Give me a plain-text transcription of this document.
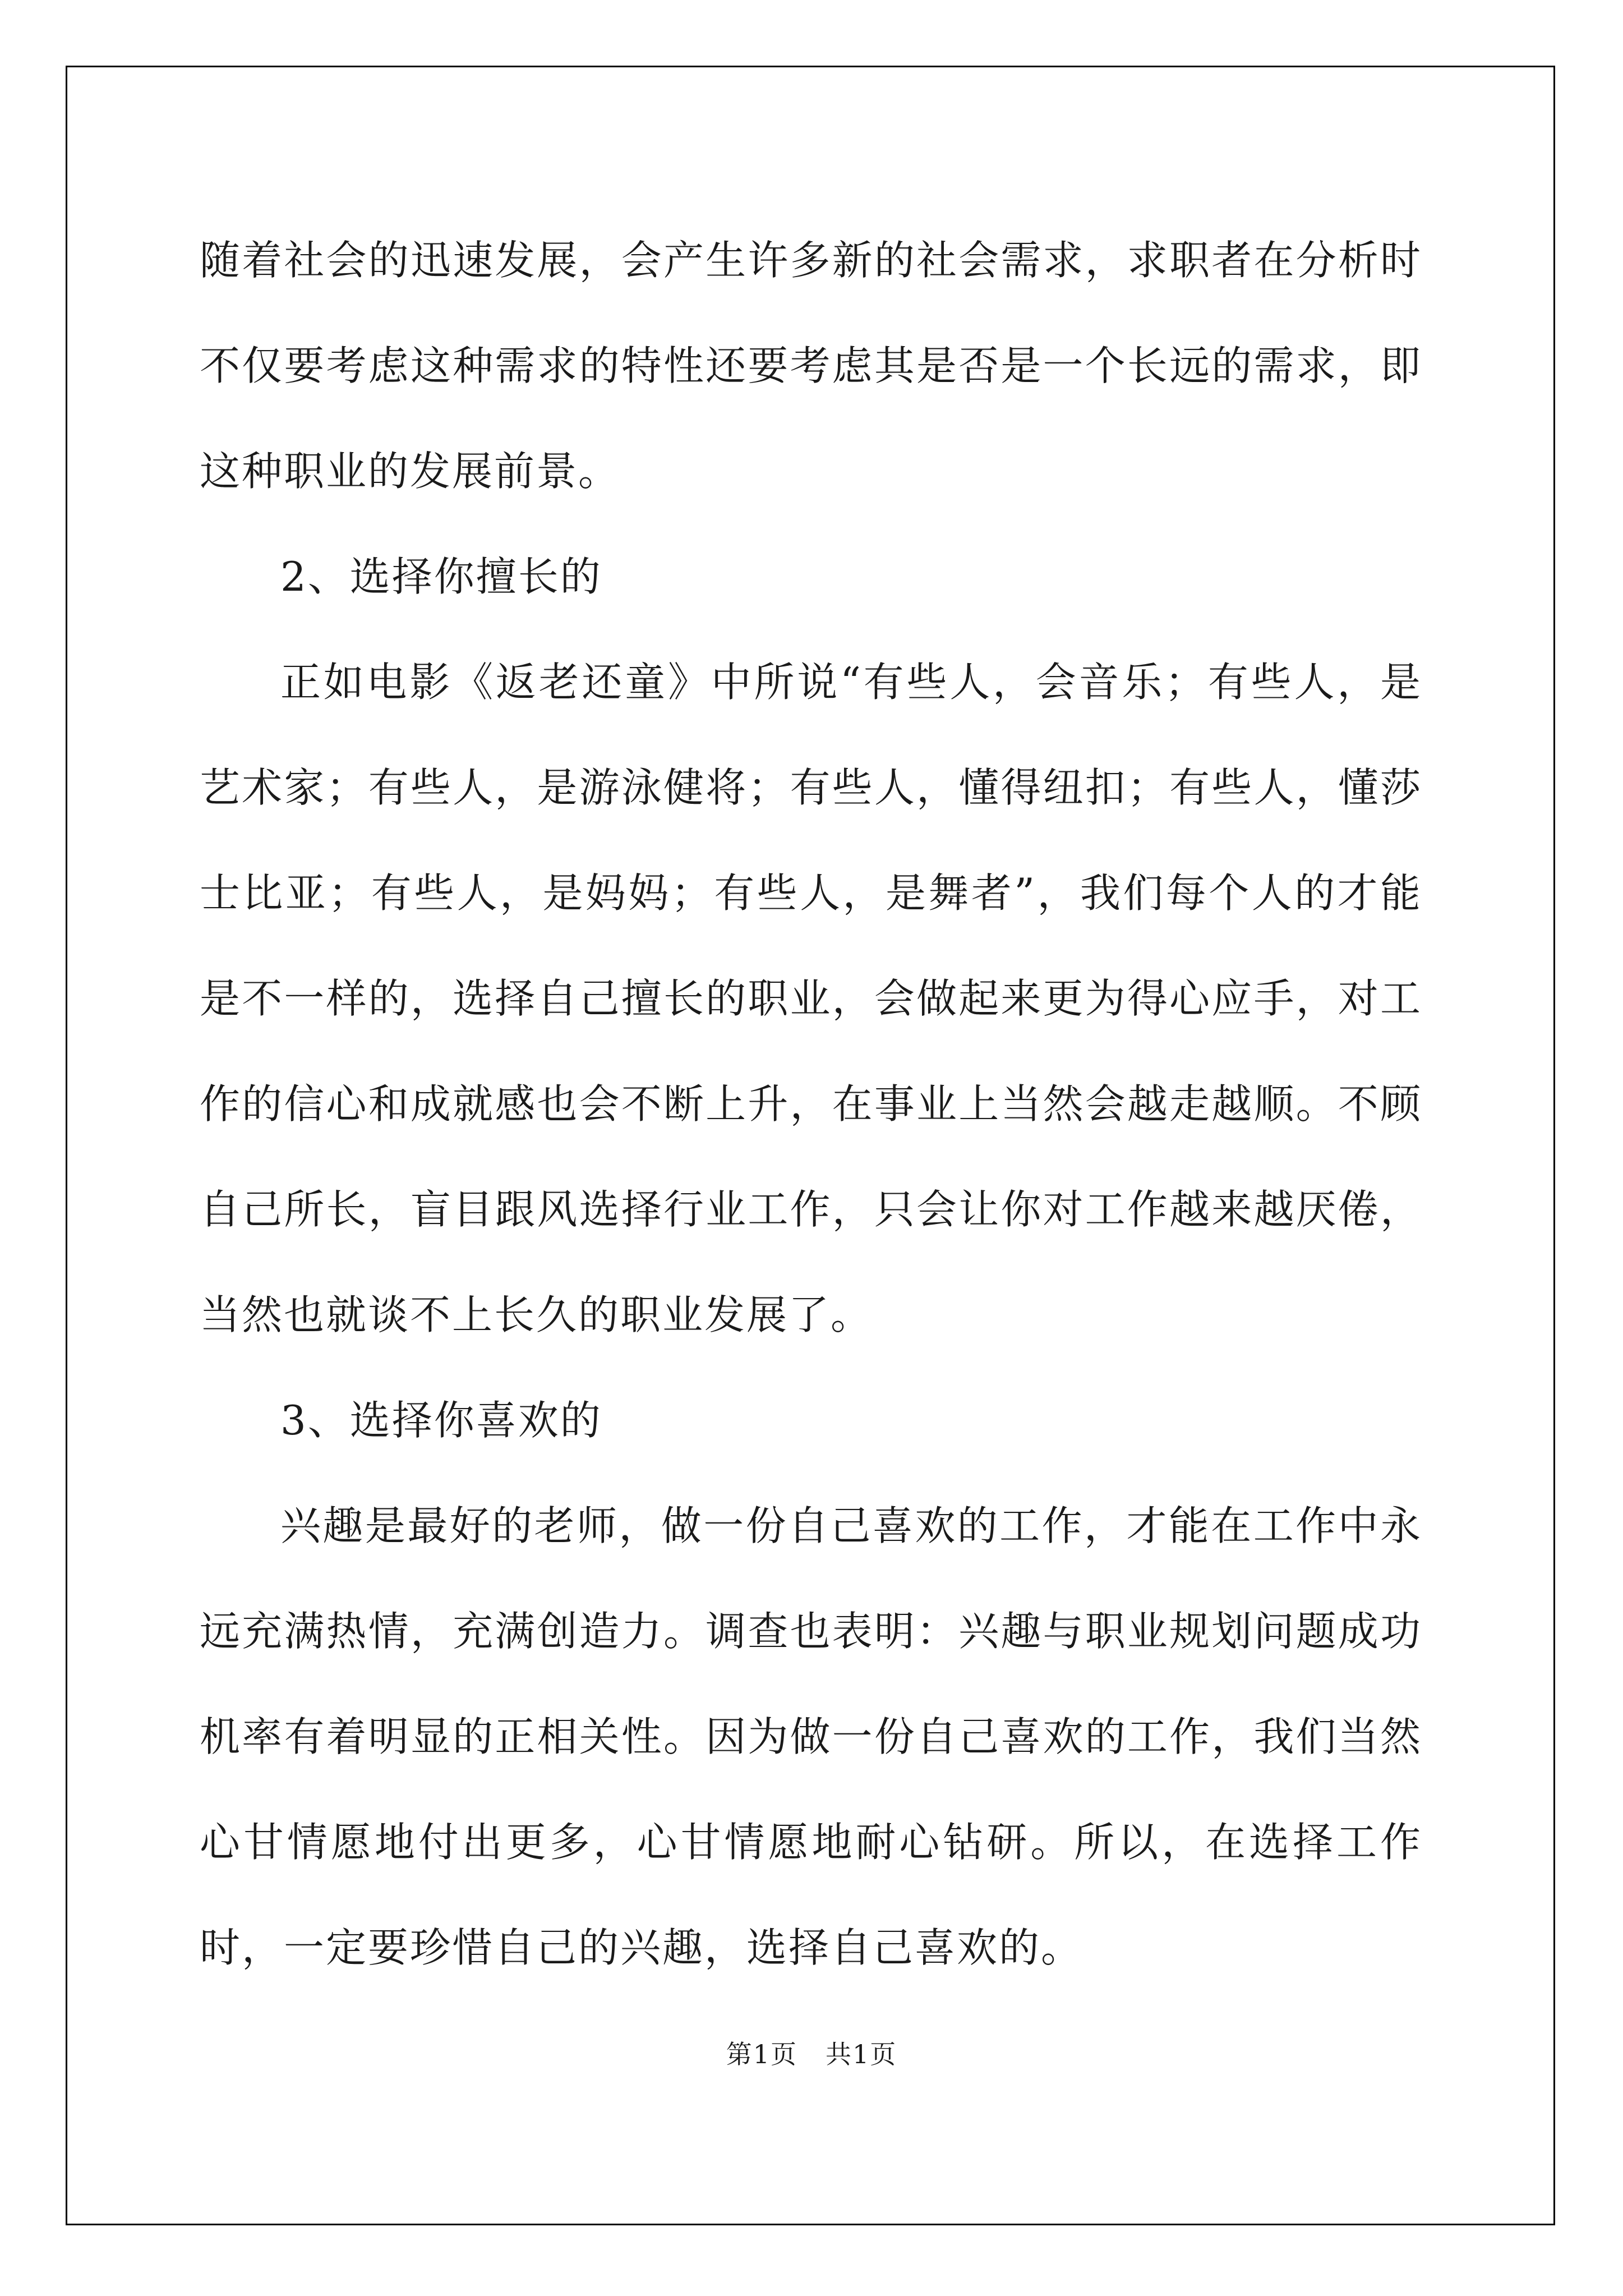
随着社会的迅速发展，会产生许多新的社会需求，求职者在分析时不仅要考虑这种需求的特性还要考虑其是否是一个长远的需求，即这种职业的发展前景。

2、选择你擅长的

正如电影《返老还童》中所说“有些人，会音乐；有些人，是艺术家；有些人，是游泳健将；有些人，懂得纽扣；有些人，懂莎士比亚；有些人，是妈妈；有些人，是舞者”，我们每个人的才能是不一样的，选择自己擅长的职业，会做起来更为得心应手，对工作的信心和成就感也会不断上升，在事业上当然会越走越顺。不顾自己所长，盲目跟风选择行业工作，只会让你对工作越来越厌倦，当然也就谈不上长久的职业发展了。

3、选择你喜欢的

兴趣是最好的老师，做一份自己喜欢的工作，才能在工作中永远充满热情，充满创造力。调查也表明：兴趣与职业规划问题成功机率有着明显的正相关性。因为做一份自己喜欢的工作，我们当然心甘情愿地付出更多，心甘情愿地耐心钻研。所以，在选择工作时，一定要珍惜自己的兴趣，选择自己喜欢的。

第1页 共1页
